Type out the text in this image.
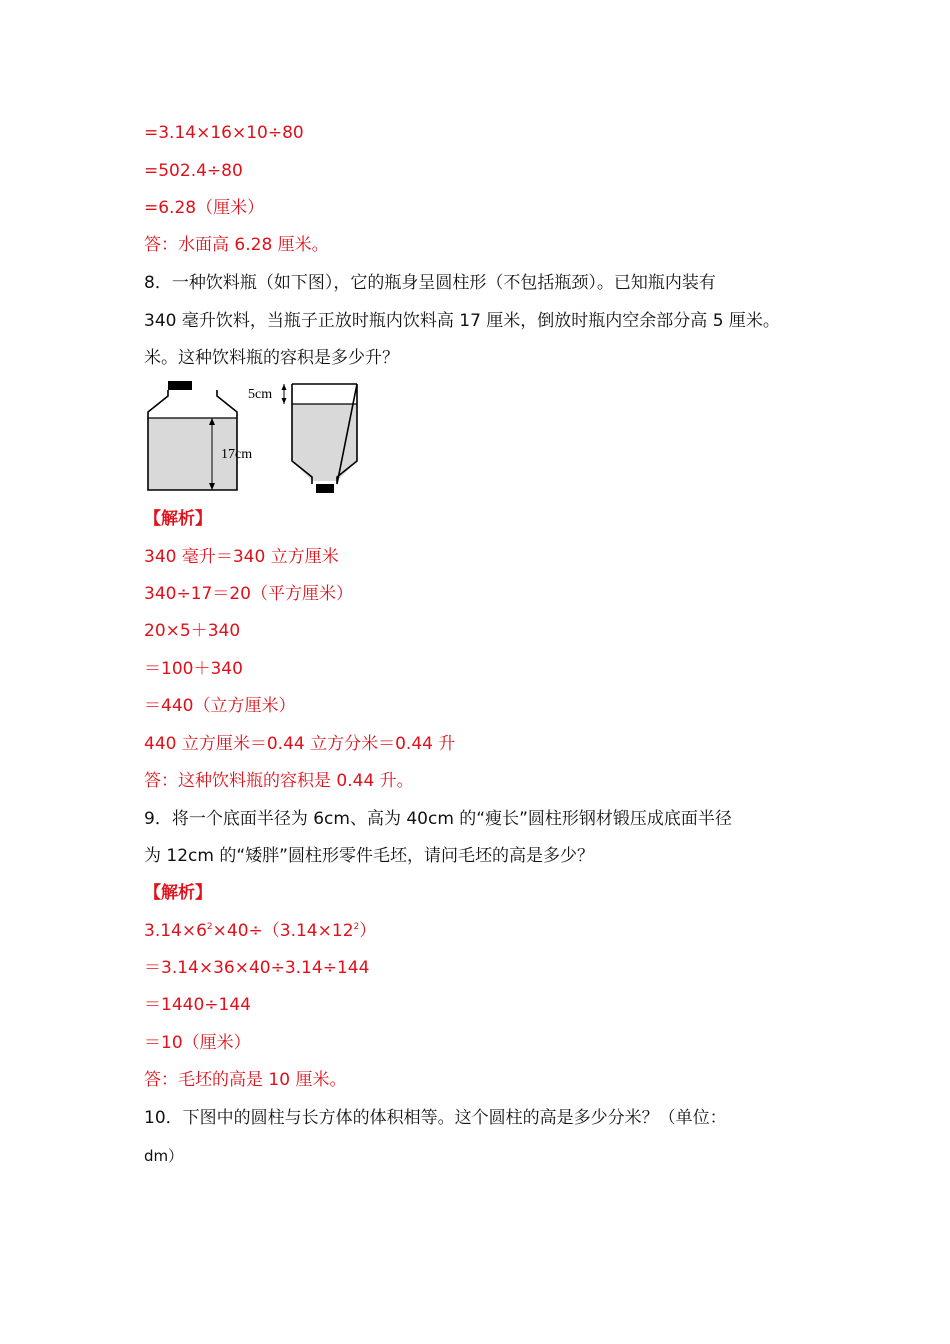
=3.14×16×10÷80
=502.4÷80
=6.28（厘米）
答：水面高 6.28 厘米。
8．一种饮料瓶（如下图），它的瓶身呈圆柱形（不包括瓶颈）。已知瓶内装有
340 毫升饮料，当瓶子正放时瓶内饮料高 17 厘米，倒放时瓶内空余部分高 5 厘米。
米。这种饮料瓶的容积是多少升？
17cm
5cm
【解析】
340 毫升＝340 立方厘米
340÷17＝20（平方厘米）
20×5＋340
＝100＋340
＝440（立方厘米）
440 立方厘米＝0.44 立方分米＝0.44 升
答：这种饮料瓶的容积是 0.44 升。
9．将一个底面半径为 6cm、高为 40cm 的“瘦长”圆柱形钢材锻压成底面半径
为 12cm 的“矮胖”圆柱形零件毛坯，请问毛坯的高是多少？
【解析】
$3.14\times 6^2\times 40\div(3.14\times 12^2)$
＝3.14×36×40÷3.14÷144
＝1440÷144
＝10（厘米）
答：毛坯的高是 10 厘米。
10．下图中的圆柱与长方体的体积相等。这个圆柱的高是多少分米？（单位：
dm）
